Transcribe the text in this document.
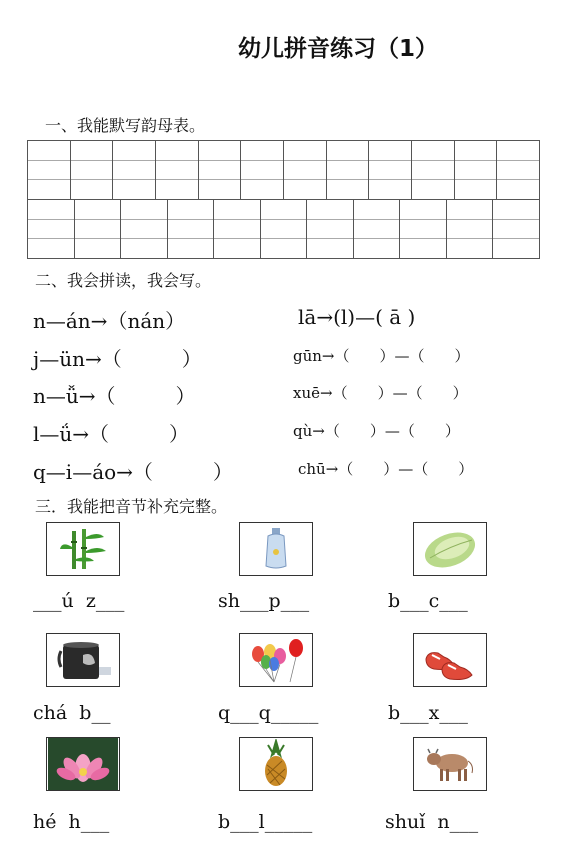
幼儿拼音练习（1）
一、我能默写韵母表。
二、我会拼读，我会写。
n—án→（nán）	lā→(l)—( ā )
j—ün→（　　　）	gūn→（　　）—（　　）
n—ǚ→（　　　）	xuē→（　　）—（　　）
l—ǘ→（　　　）	qù→（　　）—（　　）
q—i—áo→（　　　）	chū→（　　）—（　　）
三．我能把音节补充完整。
___ú  z___	sh___p___	b___c___
chá  b__	q___q_____	b___x___
hé  h___	b___l_____	shuǐ  n___
